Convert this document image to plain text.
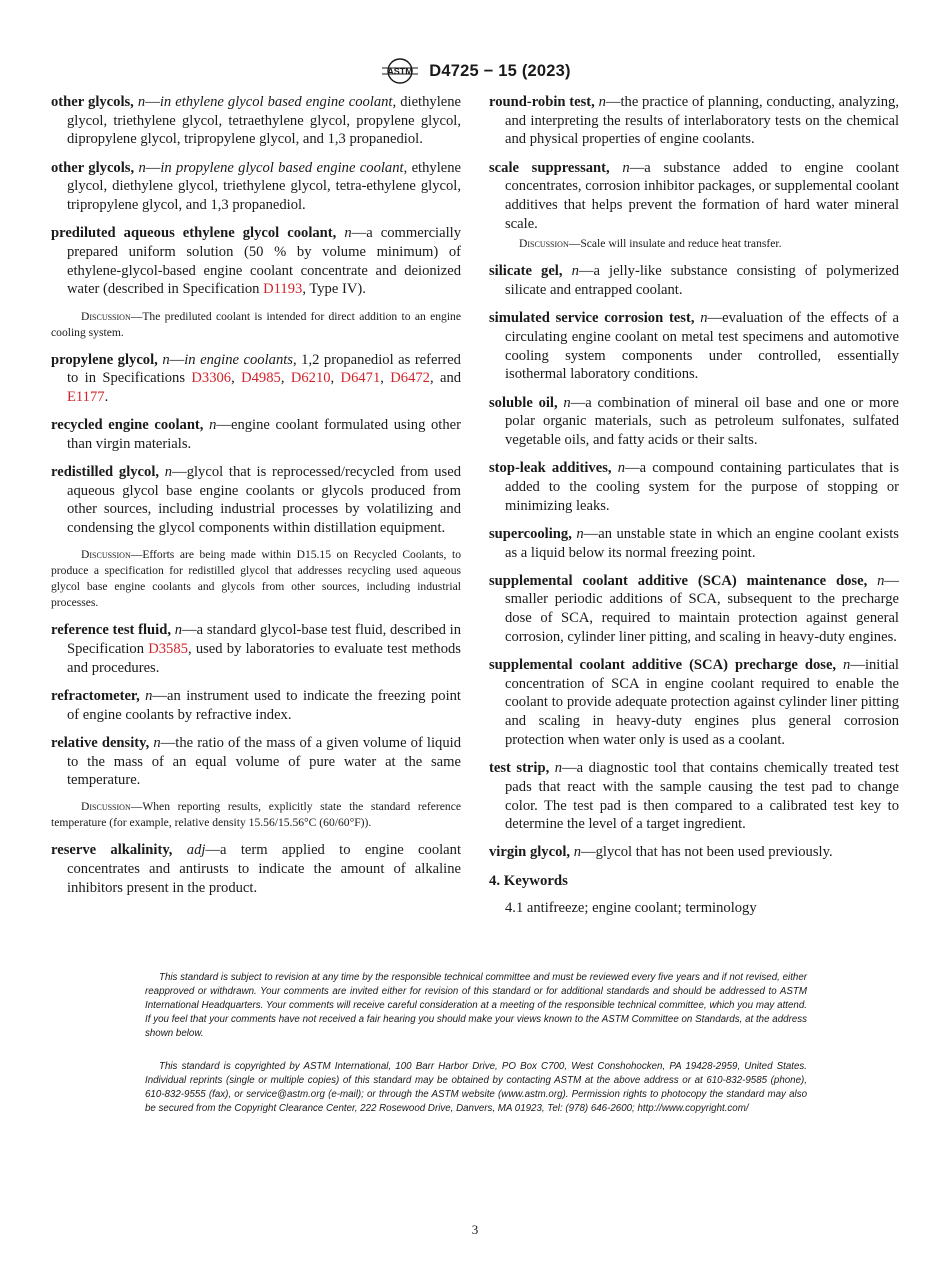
ASTM D4725 − 15 (2023)

other glycols, n—in ethylene glycol based engine coolant, diethylene glycol, triethylene glycol, tetraethylene glycol, propylene glycol, dipropylene glycol, tripropylene glycol, and 1,3 propanediol.

other glycols, n—in propylene glycol based engine coolant, ethylene glycol, diethylene glycol, triethylene glycol, tetra-ethylene glycol, tripropylene glycol, and 1,3 propanediol.

prediluted aqueous ethylene glycol coolant, n—a commercially prepared uniform solution (50 % by volume minimum) of ethylene-glycol-based engine coolant concentrate and deionized water (described in Specification D1193, Type IV).

Discussion—The prediluted coolant is intended for direct addition to an engine cooling system.

propylene glycol, n—in engine coolants, 1,2 propanediol as referred to in Specifications D3306, D4985, D6210, D6471, D6472, and E1177.

recycled engine coolant, n—engine coolant formulated using other than virgin materials.

redistilled glycol, n—glycol that is reprocessed/recycled from used aqueous glycol base engine coolants or glycols produced from other sources, including industrial processes by volatilizing and condensing the glycol components within distillation equipment.

Discussion—Efforts are being made within D15.15 on Recycled Coolants, to produce a specification for redistilled glycol that addresses recycling used aqueous glycol base engine coolants and glycols from other sources, including industrial processes.

reference test fluid, n—a standard glycol-base test fluid, described in Specification D3585, used by laboratories to evaluate test methods and procedures.

refractometer, n—an instrument used to indicate the freezing point of engine coolants by refractive index.

relative density, n—the ratio of the mass of a given volume of liquid to the mass of an equal volume of pure water at the same temperature.

Discussion—When reporting results, explicitly state the standard reference temperature (for example, relative density 15.56/15.56°C (60/60°F)).

reserve alkalinity, adj—a term applied to engine coolant concentrates and antirusts to indicate the amount of alkaline inhibitors present in the product.

round-robin test, n—the practice of planning, conducting, analyzing, and interpreting the results of interlaboratory tests on the chemical and physical properties of engine coolants.

scale suppressant, n—a substance added to engine coolant concentrates, corrosion inhibitor packages, or supplemental coolant additives that helps prevent the formation of hard water mineral scale.

Discussion—Scale will insulate and reduce heat transfer.

silicate gel, n—a jelly-like substance consisting of polymerized silicate and entrapped coolant.

simulated service corrosion test, n—evaluation of the effects of a circulating engine coolant on metal test specimens and automotive cooling system components under controlled, essentially isothermal laboratory conditions.

soluble oil, n—a combination of mineral oil base and one or more polar organic materials, such as petroleum sulfonates, sulfated vegetable oils, and fatty acids or their salts.

stop-leak additives, n—a compound containing particulates that is added to the cooling system for the purpose of stopping or minimizing leaks.

supercooling, n—an unstable state in which an engine coolant exists as a liquid below its normal freezing point.

supplemental coolant additive (SCA) maintenance dose, n—smaller periodic additions of SCA, subsequent to the precharge dose of SCA, required to maintain protection against general corrosion, cylinder liner pitting, and scaling in heavy-duty engines.

supplemental coolant additive (SCA) precharge dose, n—initial concentration of SCA in engine coolant required to enable the coolant to provide adequate protection against cylinder liner pitting and scaling in heavy-duty engines plus general corrosion protection when water only is used as a coolant.

test strip, n—a diagnostic tool that contains chemically treated test pads that react with the sample causing the test pad to change color. The test pad is then compared to a calibrated test key to determine the level of a target ingredient.

virgin glycol, n—glycol that has not been used previously.

4. Keywords

4.1 antifreeze; engine coolant; terminology

This standard is subject to revision at any time by the responsible technical committee and must be reviewed every five years and if not revised, either reapproved or withdrawn. Your comments are invited either for revision of this standard or for additional standards and should be addressed to ASTM International Headquarters. Your comments will receive careful consideration at a meeting of the responsible technical committee, which you may attend. If you feel that your comments have not received a fair hearing you should make your views known to the ASTM Committee on Standards, at the address shown below.

This standard is copyrighted by ASTM International, 100 Barr Harbor Drive, PO Box C700, West Conshohocken, PA 19428-2959, United States. Individual reprints (single or multiple copies) of this standard may be obtained by contacting ASTM at the above address or at 610-832-9585 (phone), 610-832-9555 (fax), or service@astm.org (e-mail); or through the ASTM website (www.astm.org). Permission rights to photocopy the standard may also be secured from the Copyright Clearance Center, 222 Rosewood Drive, Danvers, MA 01923, Tel: (978) 646-2600; http://www.copyright.com/

3
